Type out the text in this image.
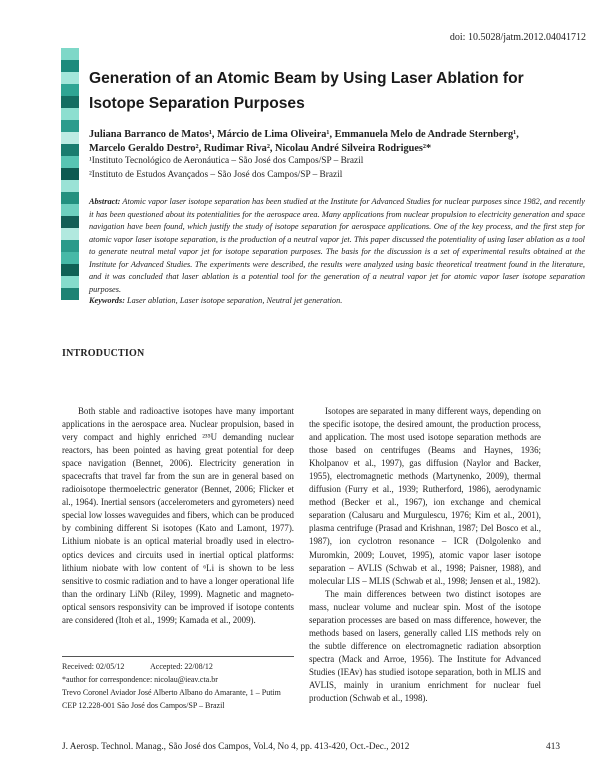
doi: 10.5028/jatm.2012.04041712
Generation of an Atomic Beam by Using Laser Ablation for Isotope Separation Purposes
Juliana Barranco de Matos¹, Márcio de Lima Oliveira¹, Emmanuela Melo de Andrade Sternberg¹,
Marcelo Geraldo Destro², Rudimar Riva², Nicolau André Silveira Rodrigues²*
¹Instituto Tecnológico de Aeronáutica – São José dos Campos/SP – Brazil
²Instituto de Estudos Avançados – São José dos Campos/SP – Brazil
Abstract: Atomic vapor laser isotope separation has been studied at the Institute for Advanced Studies for nuclear purposes since 1982, and recently it has been questioned about its potentialities for the aerospace area. Many applications from nuclear propulsion to electricity generation and space navigation have been found, which justify the study of isotope separation for aerospace applications. One of the key process, and the first step for atomic vapor laser isotope separation, is the production of a neutral vapor jet. This paper discussed the potentiality of using laser ablation as a tool to generate neutral metal vapor jet for isotope separation purposes. The basis for the discussion is a set of experimental results obtained at the Institute for Advanced Studies. The experiments were described, the results were analyzed using basic theoretical treatment found in the literature, and it was concluded that laser ablation is a potential tool for the generation of a neutral vapor jet for atomic vapor laser isotope separation purposes.
Keywords: Laser ablation, Laser isotope separation, Neutral jet generation.
INTRODUCTION

Both stable and radioactive isotopes have many important applications in the aerospace area. Nuclear propulsion, based in very compact and highly enriched ²³⁵U demanding nuclear reactors, has been pointed as having great potential for deep space navigation (Bennet, 2006). Electricity generation in spacecrafts that travel far from the sun are in general based on radioisotope thermoelectric generator (Bennet, 2006; Flicker et al., 1964). Inertial sensors (accelerometers and gyrometers) need special low losses waveguides and fibers, which can be produced by combining different Si isotopes (Kato and Lamont, 1977). Lithium niobate is an optical material broadly used in electro-optics devices and circuits used in inertial optical platforms: lithium niobate with low content of ⁶Li is shown to be less sensitive to cosmic radiation and to have a longer operational life than the ordinary LiNb (Riley, 1999). Magnetic and magneto-optical sensors responsivity can be improved if isotope contents are considered (Itoh et al., 1999; Kamada et al., 2009).

Isotopes are separated in many different ways, depending on the specific isotope, the desired amount, the production process, and application. The most used isotope separation methods are those based on centrifuges (Beams and Haynes, 1936; Kholpanov et al., 1997), gas diffusion (Naylor and Backer, 1955), electromagnetic methods (Martynenko, 2009), thermal diffusion (Furry et al., 1939; Rutherford, 1986), aerodynamic method (Becker et al., 1967), ion exchange and chemical separation (Calusaru and Murgulescu, 1976; Kim et al., 2001), plasma centrifuge (Prasad and Krishnan, 1987; Del Bosco et al., 1987), ion cyclotron resonance – ICR (Dolgolenko and Muromkin, 2009; Louvet, 1995), atomic vapor laser isotope separation – AVLIS (Schwab et al., 1998; Paisner, 1988), and molecular LIS – MLIS (Schwab et al., 1998; Jensen et al., 1982).

The main differences between two distinct isotopes are mass, nuclear volume and nuclear spin. Most of the isotope separation processes are based on mass difference, however, the methods based on lasers, generally called LIS methods rely on the subtle difference on electromagnetic radiation absorption spectra (Mack and Arroe, 1956). The Institute for Advanced Studies (IEAv) has studied isotope separation, both in MLIS and AVLIS, mainly in uranium enrichment for nuclear fuel production (Schwab et al., 1998).

Received: 02/05/12	Accepted: 22/08/12
*author for correspondence: nicolau@ieav.cta.br
Trevo Coronel Aviador José Alberto Albano do Amarante, 1 – Putim
CEP 12.228-001 São José dos Campos/SP – Brazil
J. Aerosp. Technol. Manag., São José dos Campos, Vol.4, No 4, pp. 413-420, Oct.-Dec., 2012	413
